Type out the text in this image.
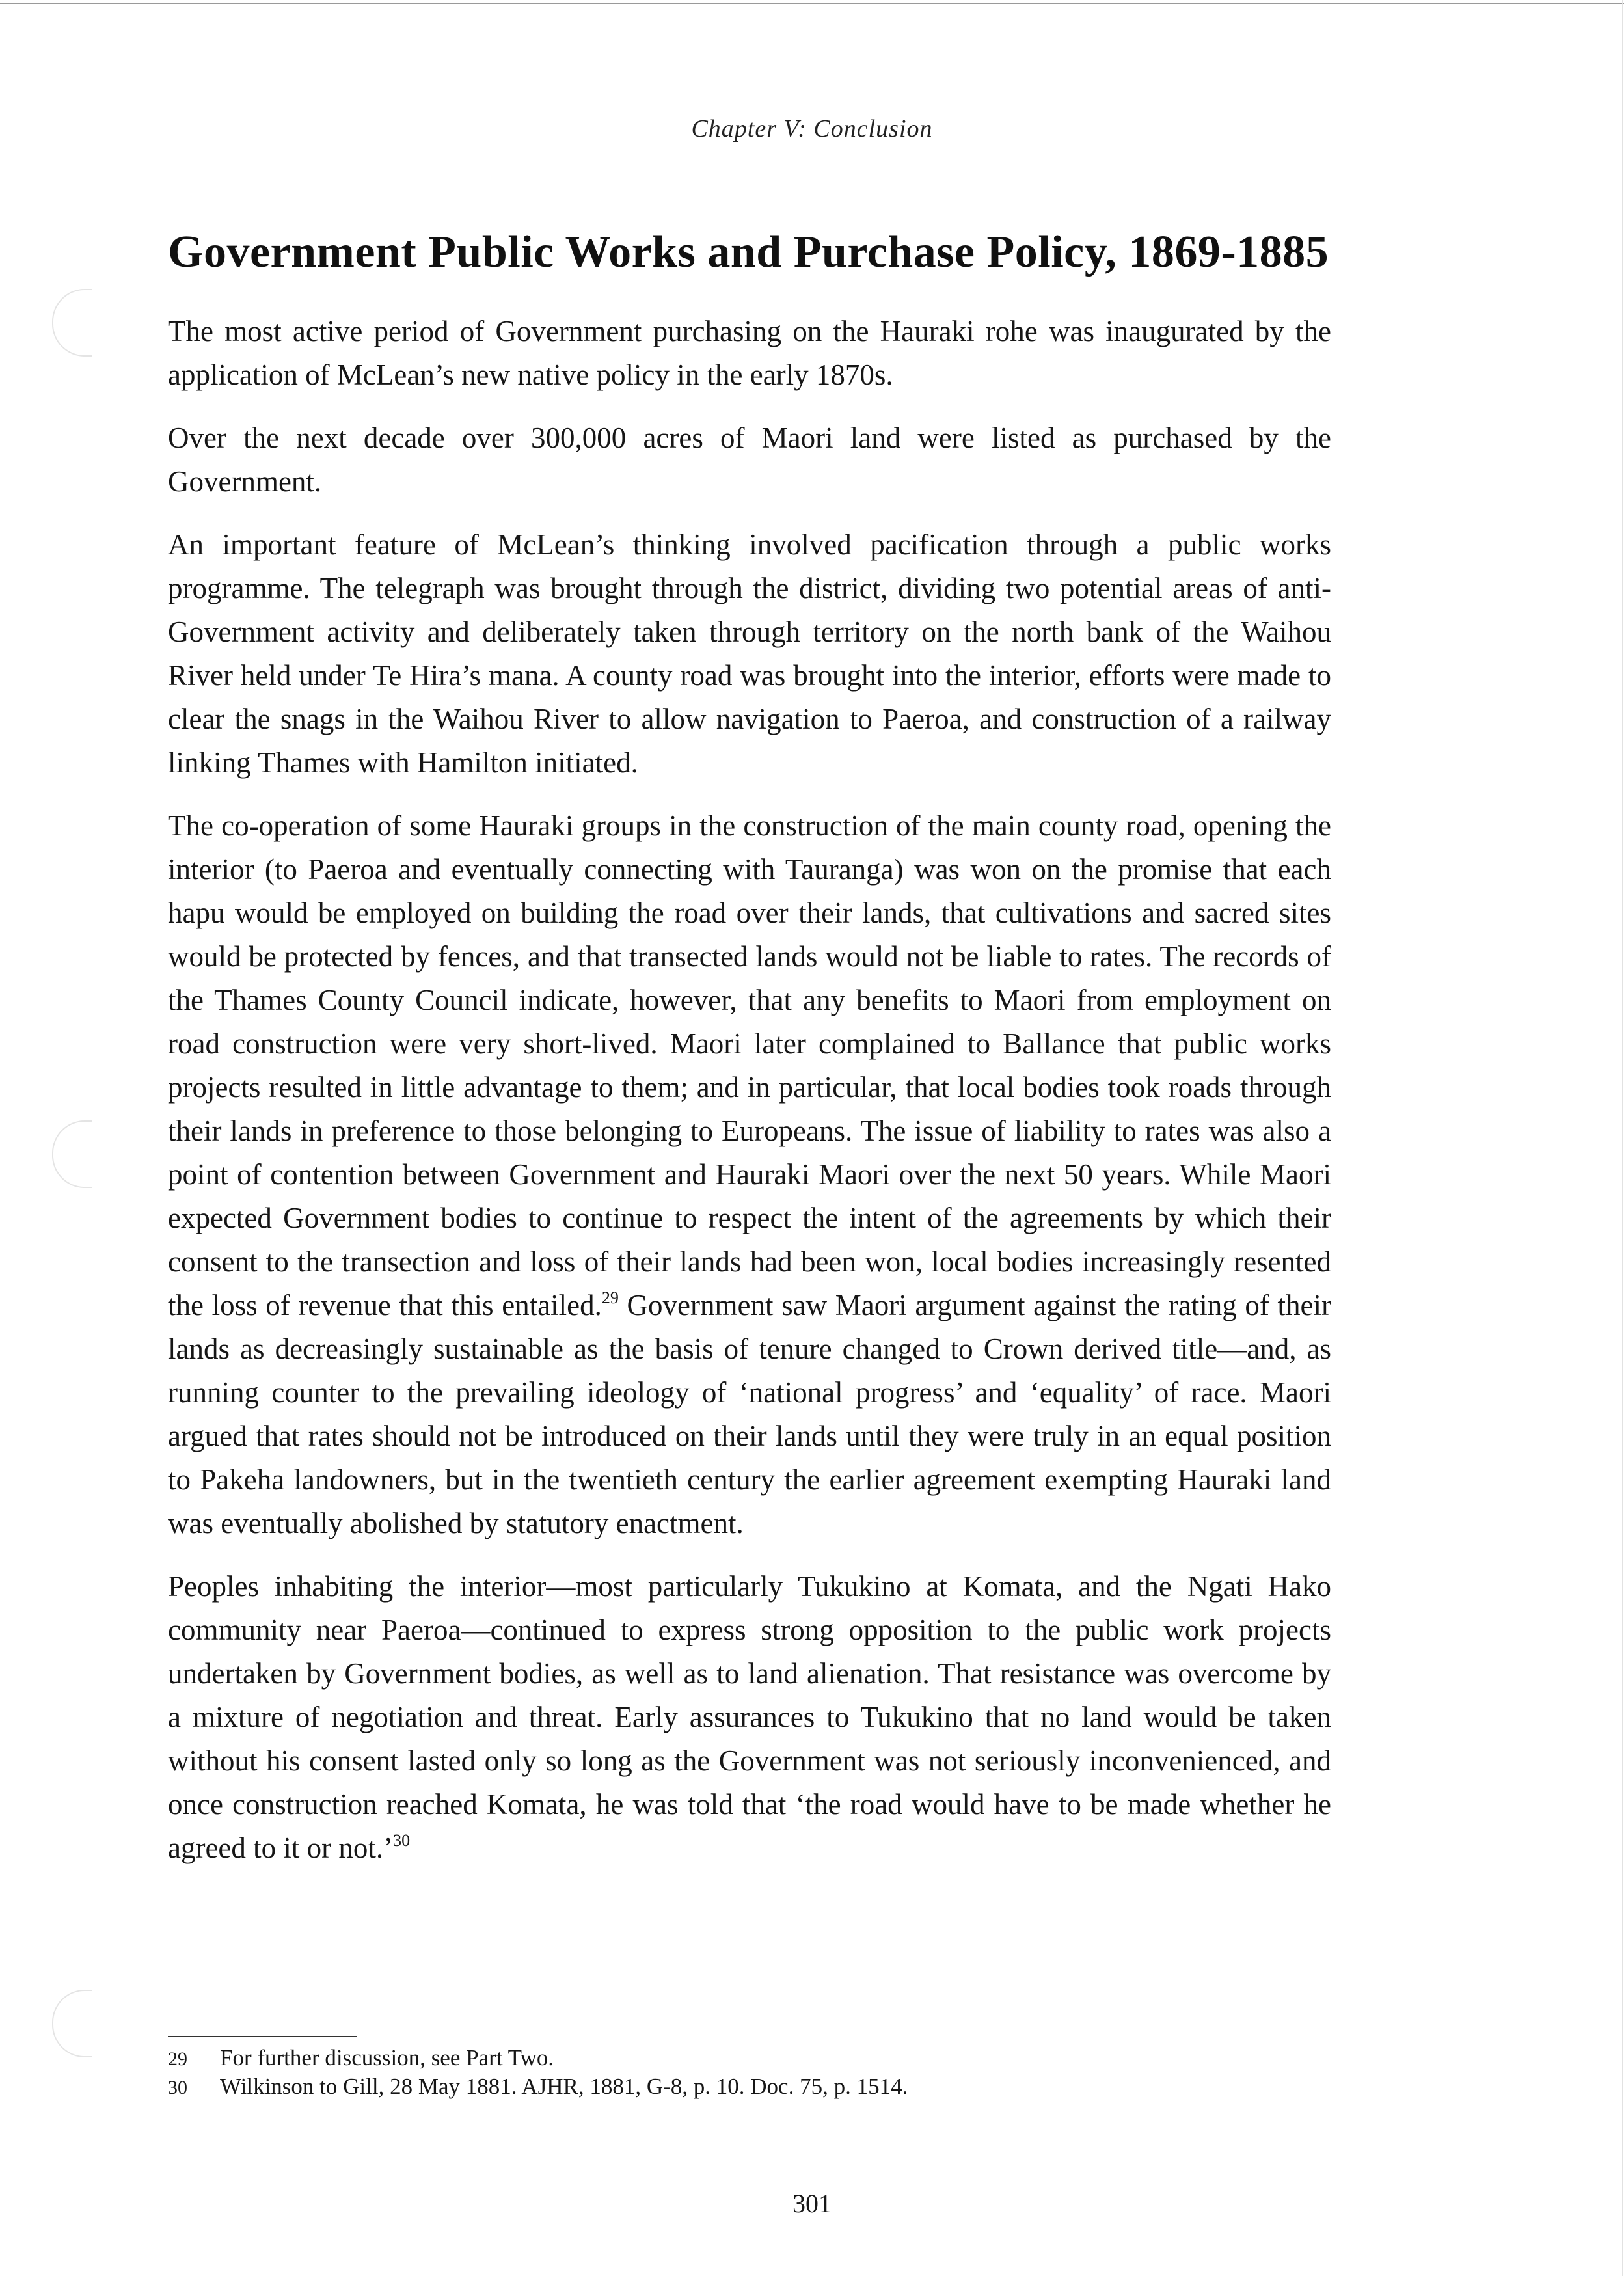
Chapter V: Conclusion
Government Public Works and Purchase Policy, 1869-1885

The most active period of Government purchasing on the Hauraki rohe was inaugurated by the application of McLean’s new native policy in the early 1870s.

Over the next decade over 300,000 acres of Maori land were listed as purchased by the Government.

An important feature of McLean’s thinking involved pacification through a public works programme. The telegraph was brought through the district, dividing two potential areas of anti-Government activity and deliberately taken through territory on the north bank of the Waihou River held under Te Hira’s mana. A county road was brought into the interior, efforts were made to clear the snags in the Waihou River to allow navigation to Paeroa, and construction of a railway linking Thames with Hamilton initiated.

The co-operation of some Hauraki groups in the construction of the main county road, opening the interior (to Paeroa and eventually connecting with Tauranga) was won on the promise that each hapu would be employed on building the road over their lands, that cultivations and sacred sites would be protected by fences, and that transected lands would not be liable to rates. The records of the Thames County Council indicate, however, that any benefits to Maori from employment on road construction were very short-lived. Maori later complained to Ballance that public works projects resulted in little advantage to them; and in particular, that local bodies took roads through their lands in preference to those belonging to Europeans. The issue of liability to rates was also a point of contention between Government and Hauraki Maori over the next 50 years. While Maori expected Government bodies to continue to respect the intent of the agreements by which their consent to the transection and loss of their lands had been won, local bodies increasingly resented the loss of revenue that this entailed.$^{29}$ Government saw Maori argument against the rating of their lands as decreasingly sustainable as the basis of tenure changed to Crown derived title—and, as running counter to the prevailing ideology of ‘national progress’ and ‘equality’ of race. Maori argued that rates should not be introduced on their lands until they were truly in an equal position to Pakeha landowners, but in the twentieth century the earlier agreement exempting Hauraki land was eventually abolished by statutory enactment.

Peoples inhabiting the interior—most particularly Tukukino at Komata, and the Ngati Hako community near Paeroa—continued to express strong opposition to the public work projects undertaken by Government bodies, as well as to land alienation. That resistance was overcome by a mixture of negotiation and threat. Early assurances to Tukukino that no land would be taken without his consent lasted only so long as the Government was not seriously inconvenienced, and once construction reached Komata, he was told that ‘the road would have to be made whether he agreed to it or not.’$^{30}$

29	For further discussion, see Part Two.
30	Wilkinson to Gill, 28 May 1881. AJHR, 1881, G-8, p. 10. Doc. 75, p. 1514.
301
